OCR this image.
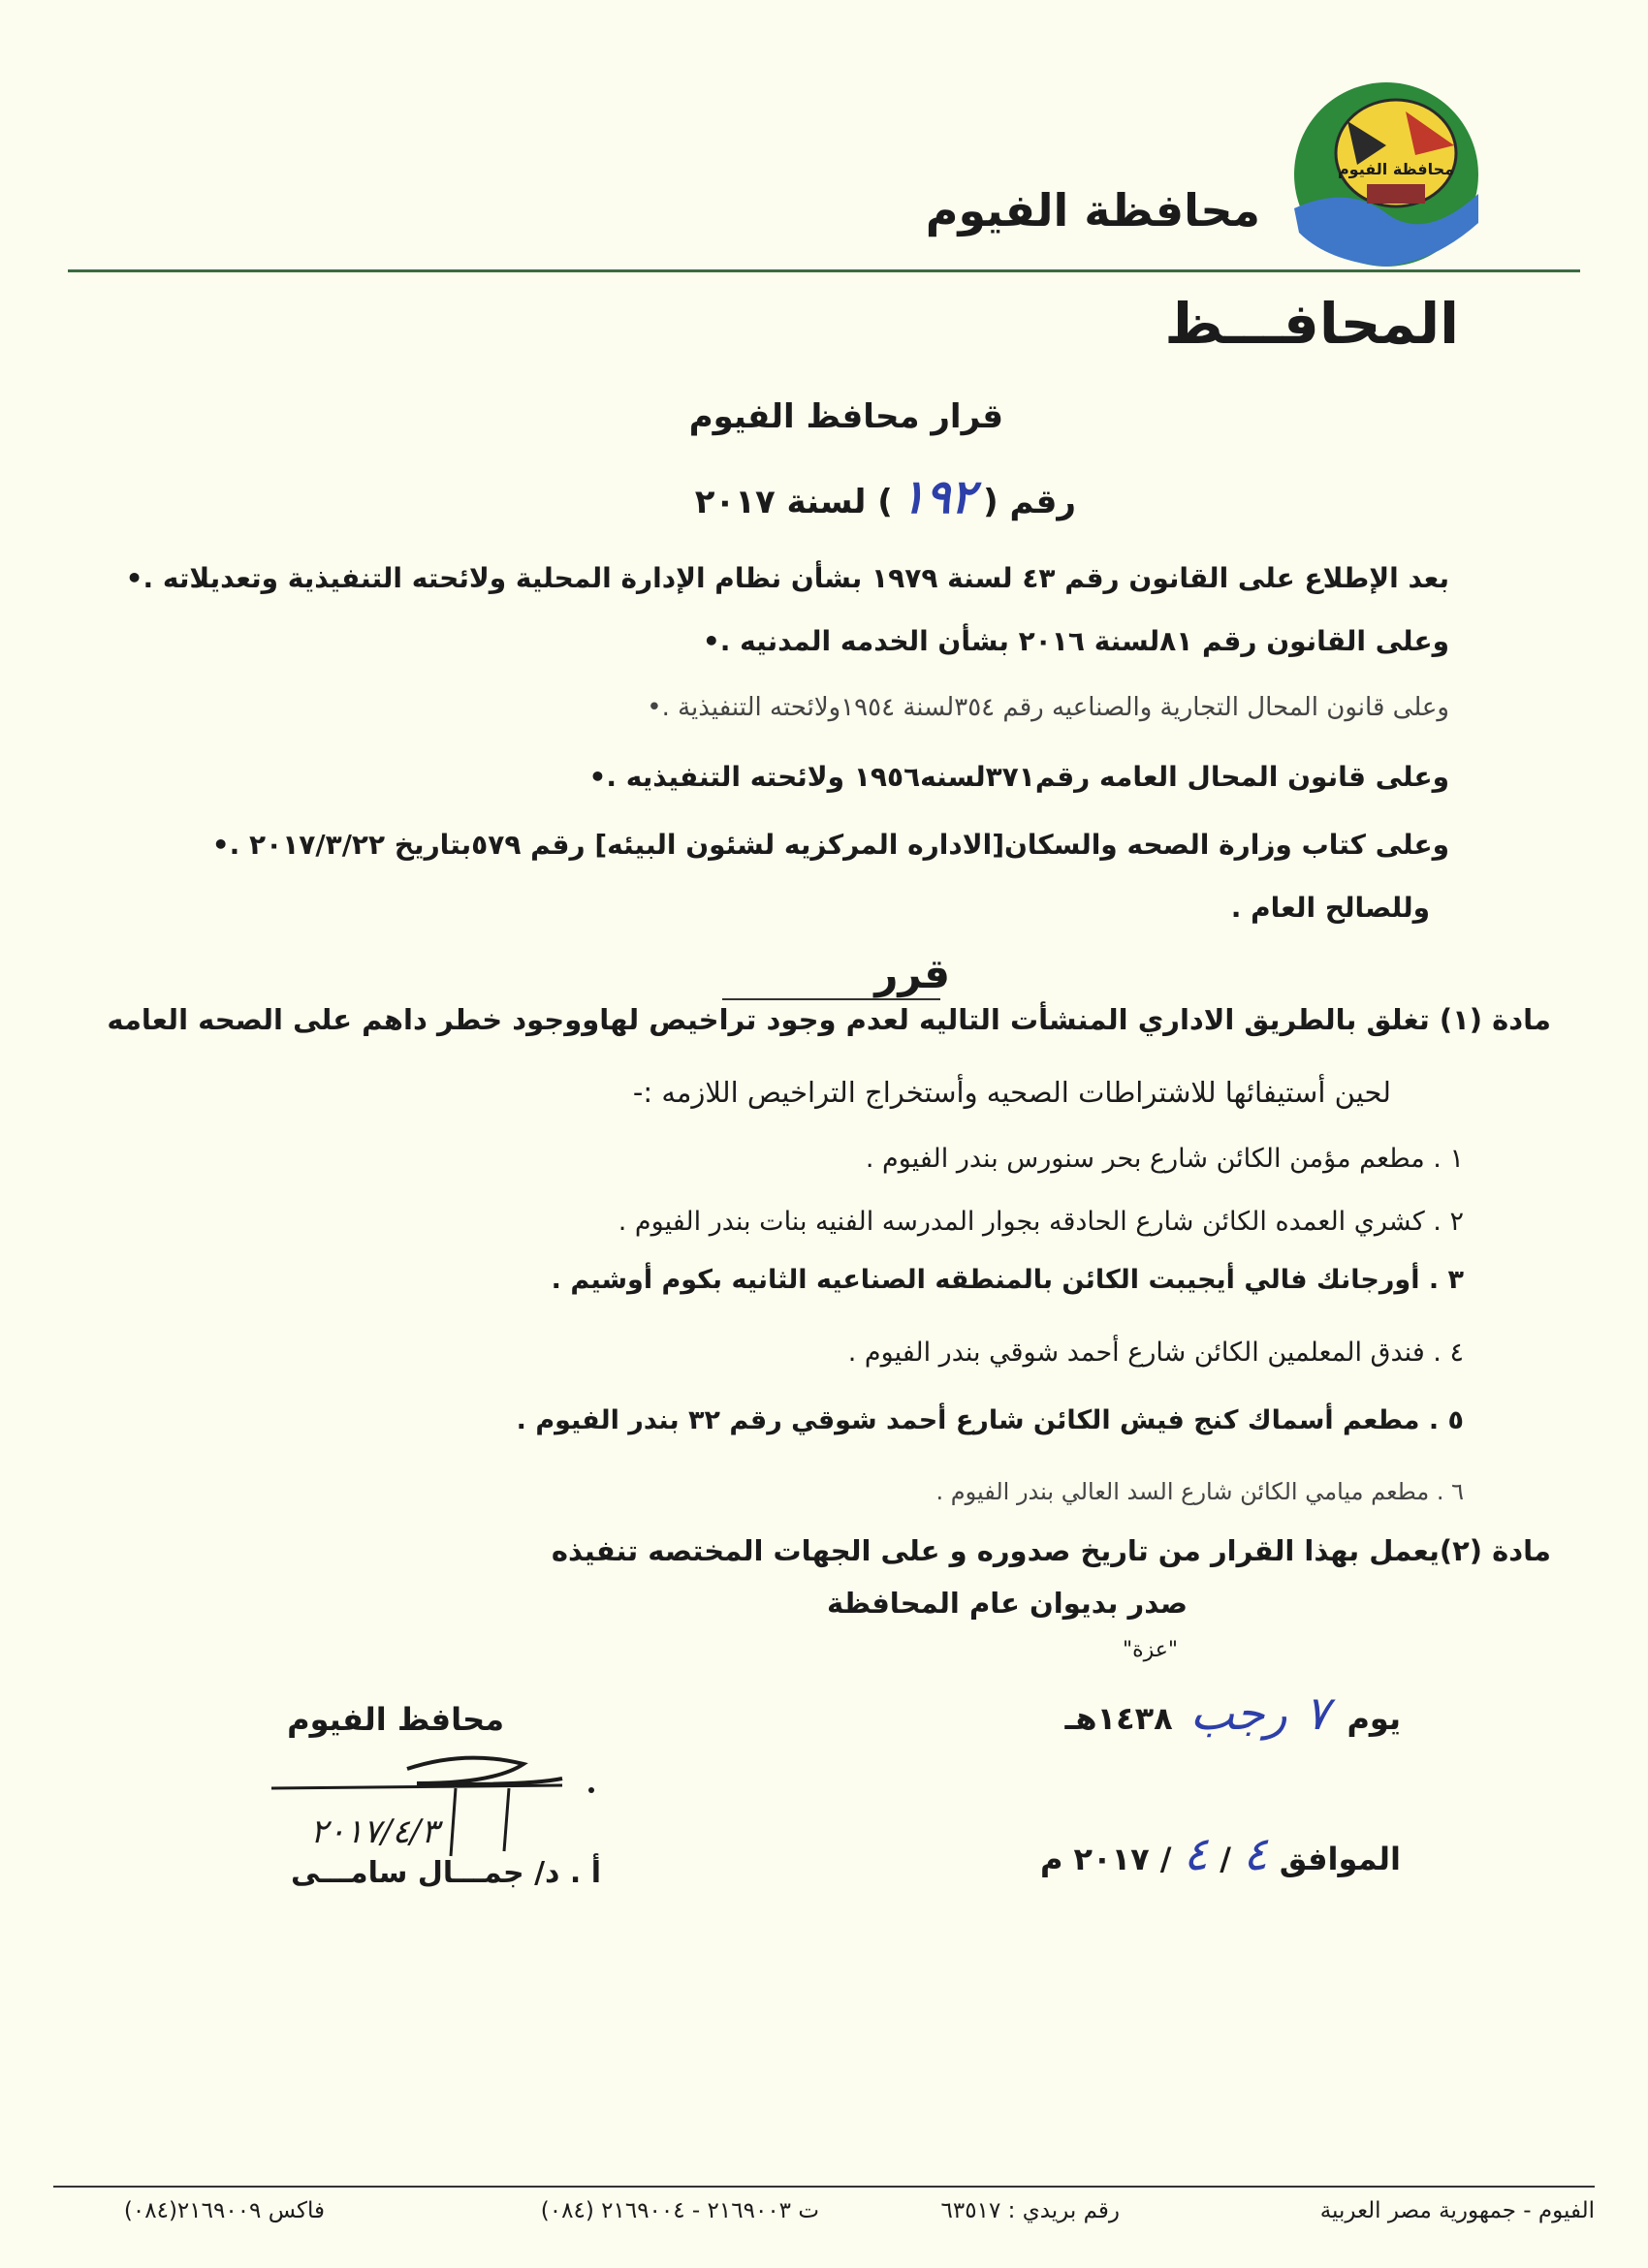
محافظة الفيوم
محافظة الفيوم
المحافـــظ
قرار محافظ الفيوم
رقم (
١٩٢
) لسنة ٢٠١٧
بعد الإطلاع على القانون رقم ٤٣ لسنة ١٩٧٩ بشأن نظام الإدارة المحلية ولائحته التنفيذية وتعديلاته .•
وعلى القانون رقم ٨١لسنة ٢٠١٦ بشأن الخدمه المدنيه .•
وعلى قانون المحال التجارية والصناعيه رقم ٣٥٤لسنة ١٩٥٤ولائحته التنفيذية .•
وعلى قانون المحال العامه رقم٣٧١لسنه١٩٥٦ ولائحته التنفيذيه .•
وعلى كتاب وزارة الصحه والسكان[الاداره المركزيه لشئون البيئه] رقم ٥٧٩بتاريخ ٢٠١٧/٣/٢٢ .•
وللصالح العام .
قرر
مادة (١) تغلق بالطريق الاداري المنشأت التاليه لعدم وجود تراخيص لهاووجود خطر داهم على الصحه العامه
لحين أستيفائها للاشتراطات الصحيه وأستخراج التراخيص اللازمه :-
١ . مطعم مؤمن الكائن شارع بحر سنورس بندر الفيوم .
٢ . كشري العمده الكائن شارع الحادقه بجوار المدرسه الفنيه بنات بندر الفيوم .
٣ . أورجانك فالي أيجيبت الكائن بالمنطقه الصناعيه الثانيه بكوم أوشيم .
٤ . فندق المعلمين الكائن شارع أحمد شوقي بندر الفيوم .
٥ . مطعم أسماك كنج فيش الكائن شارع أحمد شوقي رقم ٣٢ بندر الفيوم .
٦ . مطعم ميامي الكائن شارع السد العالي بندر الفيوم .
مادة (٢)يعمل بهذا القرار من تاريخ صدوره و على الجهات المختصه تنفيذه
صدر بديوان عام المحافظة
"عزة"
يوم
٧
رجب
١٤٣٨هـ
الموافق
٤
/
٤
/ ٢٠١٧ م
محافظ الفيوم
٢٠١٧/٤/٣
أ . د/ جمـــال سامـــى
الفيوم - جمهورية مصر العربية
رقم بريدي : ٦٣٥١٧
ت ٢١٦٩٠٠٣ - ٢١٦٩٠٠٤ (٠٨٤)
فاكس ٢١٦٩٠٠٩(٠٨٤)
